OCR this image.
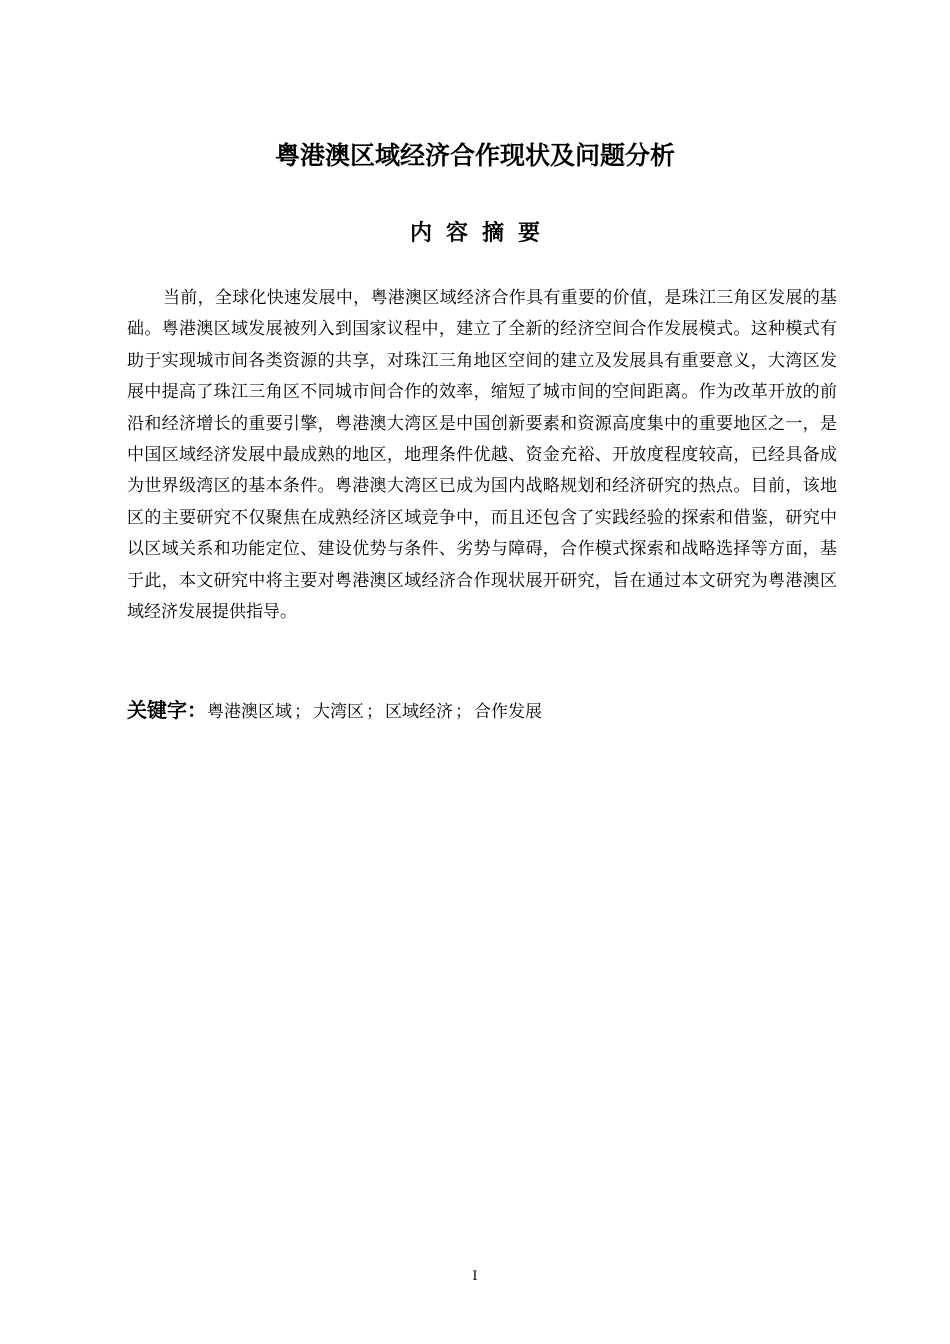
粤港澳区域经济合作现状及问题分析
内容摘要

当前，全球化快速发展中，粤港澳区域经济合作具有重要的价值，是珠江三角区发展的基础。粤港澳区域发展被列入到国家议程中，建立了全新的经济空间合作发展模式。这种模式有助于实现城市间各类资源的共享，对珠江三角地区空间的建立及发展具有重要意义，大湾区发展中提高了珠江三角区不同城市间合作的效率，缩短了城市间的空间距离。作为改革开放的前沿和经济增长的重要引擎，粤港澳大湾区是中国创新要素和资源高度集中的重要地区之一，是中国区域经济发展中最成熟的地区，地理条件优越、资金充裕、开放度程度较高，已经具备成为世界级湾区的基本条件。粤港澳大湾区已成为国内战略规划和经济研究的热点。目前，该地区的主要研究不仅聚焦在成熟经济区域竞争中，而且还包含了实践经验的探索和借鉴，研究中以区域关系和功能定位、建设优势与条件、劣势与障碍，合作模式探索和战略选择等方面，基于此，本文研究中将主要对粤港澳区域经济合作现状展开研究，旨在通过本文研究为粤港澳区域经济发展提供指导。

关键字：粤港澳区域 ； 大湾区 ； 区域经济 ； 合作发展

I
